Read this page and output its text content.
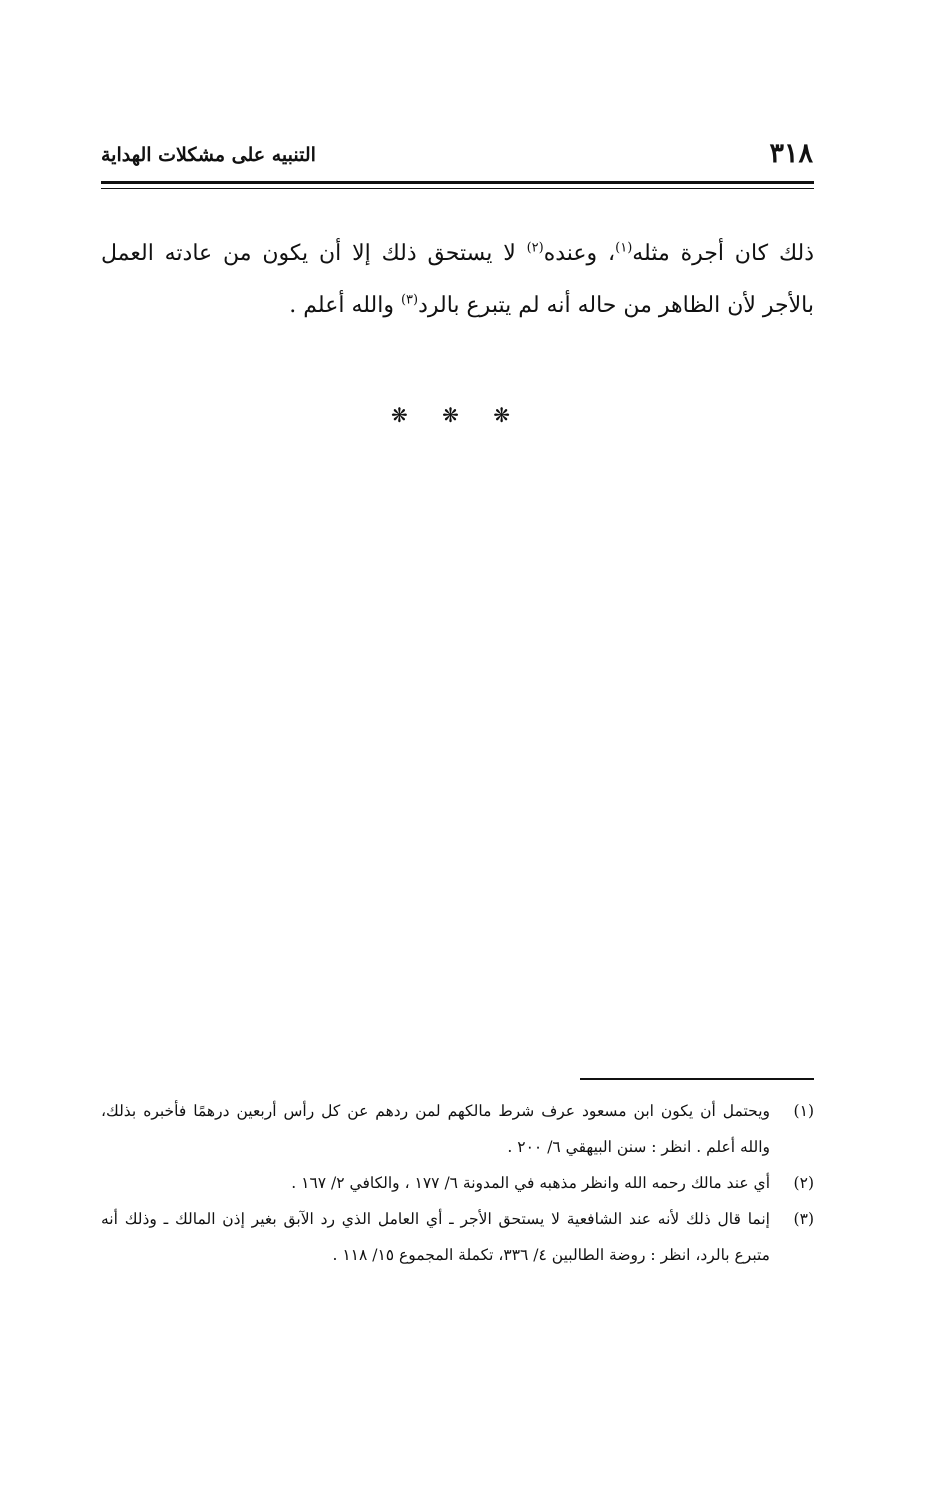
٣١٨
التنبيه على مشكلات الهداية

ذلك كان أجرة مثله$^{(١)}$، وعنده$^{(٢)}$ لا يستحق ذلك إلا أن يكون من عادته العمل بالأجر لأن الظاهر من حاله أنه لم يتبرع بالرد$^{(٣)}$ والله أعلم .

❋ ❋ ❋
(١)
ويحتمل أن يكون ابن مسعود عرف شرط مالكهم لمن ردهم عن كل رأس أربعين درهمًا فأخبره بذلك، والله أعلم . انظر : سنن البيهقي ٦/ ٢٠٠ .
(٢)
أي عند مالك رحمه الله وانظر مذهبه في المدونة ٦/ ١٧٧ ، والكافي ٢/ ١٦٧ .
(٣)
إنما قال ذلك لأنه عند الشافعية لا يستحق الأجر ـ أي العامل الذي رد الآبق بغير إذن المالك ـ وذلك أنه متبرع بالرد، انظر : روضة الطالبين ٤/ ٣٣٦، تكملة المجموع ١٥/ ١١٨ .
